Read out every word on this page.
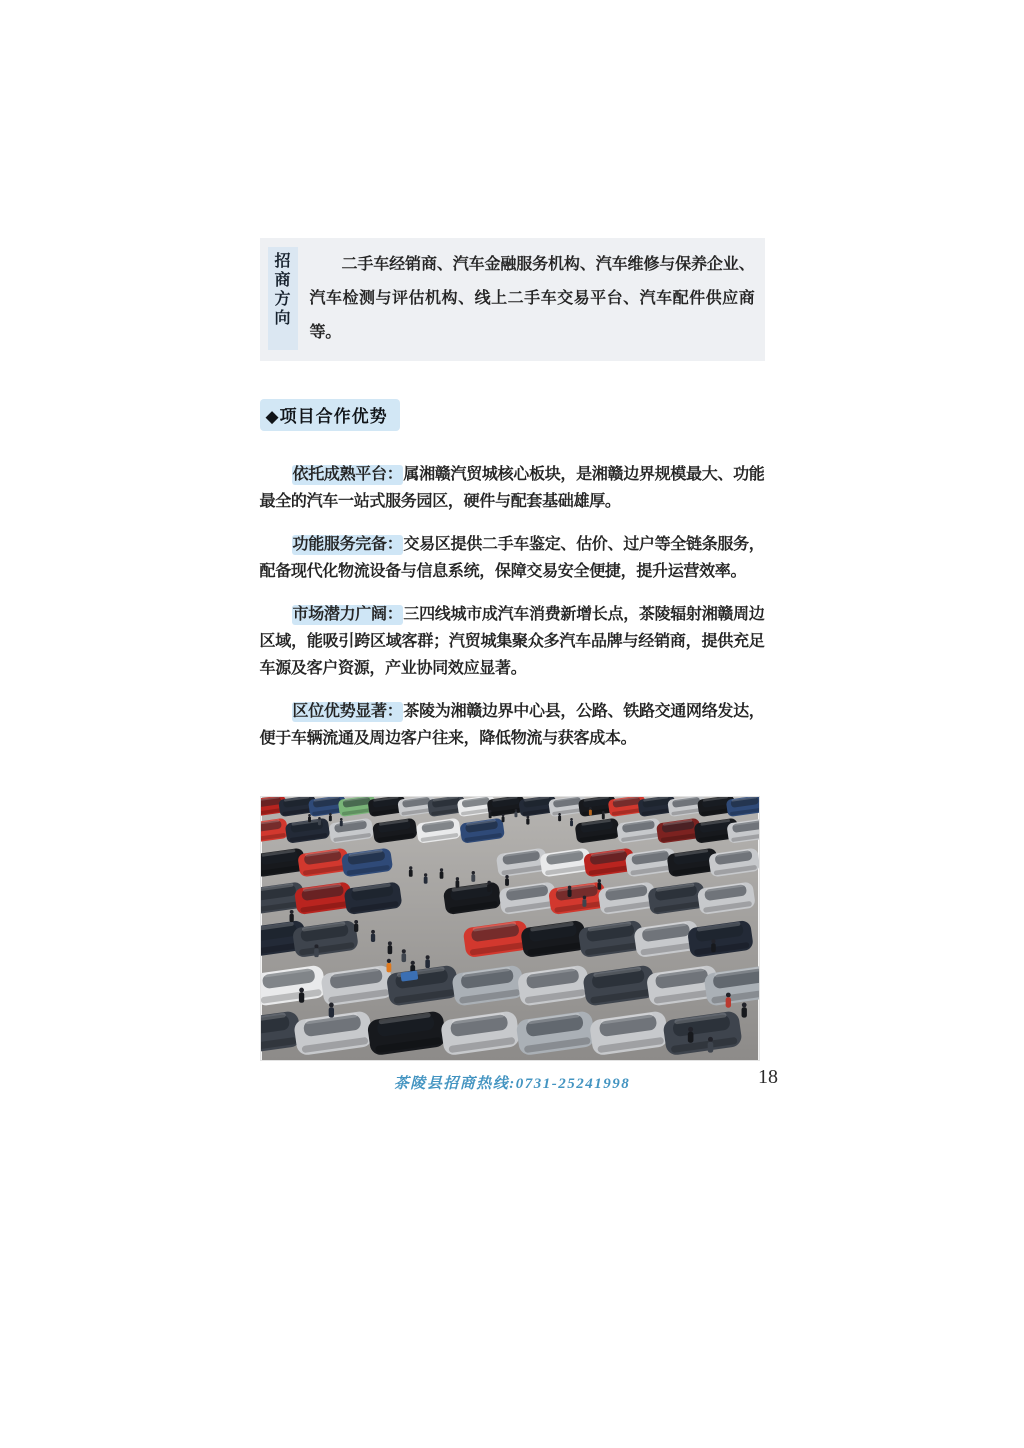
招商方向
二手车经销商、汽车金融服务机构、汽车维修与保养企业、汽车检测与评估机构、线上二手车交易平台、汽车配件供应商等。
◆项目合作优势

依托成熟平台：属湘赣汽贸城核心板块，是湘赣边界规模最大、功能最全的汽车一站式服务园区，硬件与配套基础雄厚。

功能服务完备：交易区提供二手车鉴定、估价、过户等全链条服务，配备现代化物流设备与信息系统，保障交易安全便捷，提升运营效率。

市场潜力广阔：三四线城市成汽车消费新增长点，茶陵辐射湘赣周边区域，能吸引跨区域客群；汽贸城集聚众多汽车品牌与经销商，提供充足车源及客户资源，产业协同效应显著。

区位优势显著：茶陵为湘赣边界中心县，公路、铁路交通网络发达，便于车辆流通及周边客户往来，降低物流与获客成本。

茶陵县招商热线:0731-25241998	18
